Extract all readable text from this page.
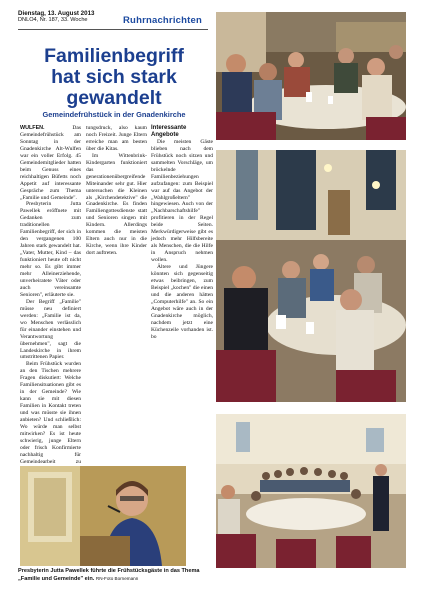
Dienstag, 13. August 2013
DNLO4, Nr. 187, 33. Woche	Ruhrnachrichten
Familienbegriff
hat sich stark
gewandelt
Gemeindefrühstück in der Gnadenkirche

WULFEN.	Das Gemeindefrühstück am Sonntag in der Gnadenkirche Alt-Wulfen war ein voller Erfolg. 45 Gemeindemitglieder hatten beim Genuss eines reichhaltigen Büfetts noch Appetit auf interessante Gespräche zum Thema „Familie und Gemeinde".

Presbyterin Jutta Pawellek eröffnete mit Gedanken zum traditionellen Familienbegriff, der sich in den vergangenen 100 Jahren stark gewandelt hat. „Vater, Mutter, Kind – das funktioniert heute oft nicht mehr so. Es gibt immer mehr Alleinerziehende, unverheiratete Väter oder auch vereinsamte Senioren", erläuterte sie.

Der Begriff „Familie" müsse neu definiert werden: „Familie ist da, wo Menschen verlässlich für einander einstehen und Verantwortung übernehmen", sagt die Landeskirche in ihrem umstrittenen Papier.

Beim Frühstück wurden an den Tischen mehrere Fragen diskutiert: Welche Familiensituationen gibt es in der Gemeinde? Wie kann sie mit diesen Familien in Kontakt treten und was müsste sie ihnen anbieten? Und schließlich: Wo würde man selbst mitwirken? Es ist heute schwierig, junge Eltern oder frisch Konfirmierte nachhaltig für Gemeindearbeit zu

tungsdruck, also kaum noch Freizeit. Junge Eltern erreiche man am besten über die Kitas.

Im Wittenbrink-Kindergarten funktioniert das generationenübergreifende Miteinander sehr gut. Hier untersuchen die Kleinen als „Kirchendetektive" die Gnadenkirche. Es finden Familiengottesdienste statt und Senioren singen mit Kindern. Allerdings kommen die meisten Eltern auch nur in die Kirche, wenn ihre Kinder dort auftreten.

Interessante Angebote

Die meisten Gäste blieben nach dem Frühstück noch sitzen und sammelten Vorschläge, um bröckelnde Familienbeziehungen aufzufangen: zum Beispiel war auf das Angebot der „Wahlgroßeltern" hingewiesen. Auch von der „Nachbarschaftshilfe" profitieren in der Regel beide Seiten. Merkwürdigerweise gibt es jedoch mehr Hilfsbereite als Menschen, die die Hilfe in Anspruch nehmen wollen.

Ältere und Jüngere könnten sich gegenseitig etwas beibringen, zum Beispiel „kochen" die einen und die anderen hätten „Computerhilfe" an. So ein Angebot wäre auch in der Gnadenkirche möglich, nachdem jetzt eine Küchenzeile vorhanden ist. bo

Presbyterin Jutta Pawellek führte die Frühstücksgäste in das Thema „Familie und Gemeinde" ein. RN-Foto Bornemann
